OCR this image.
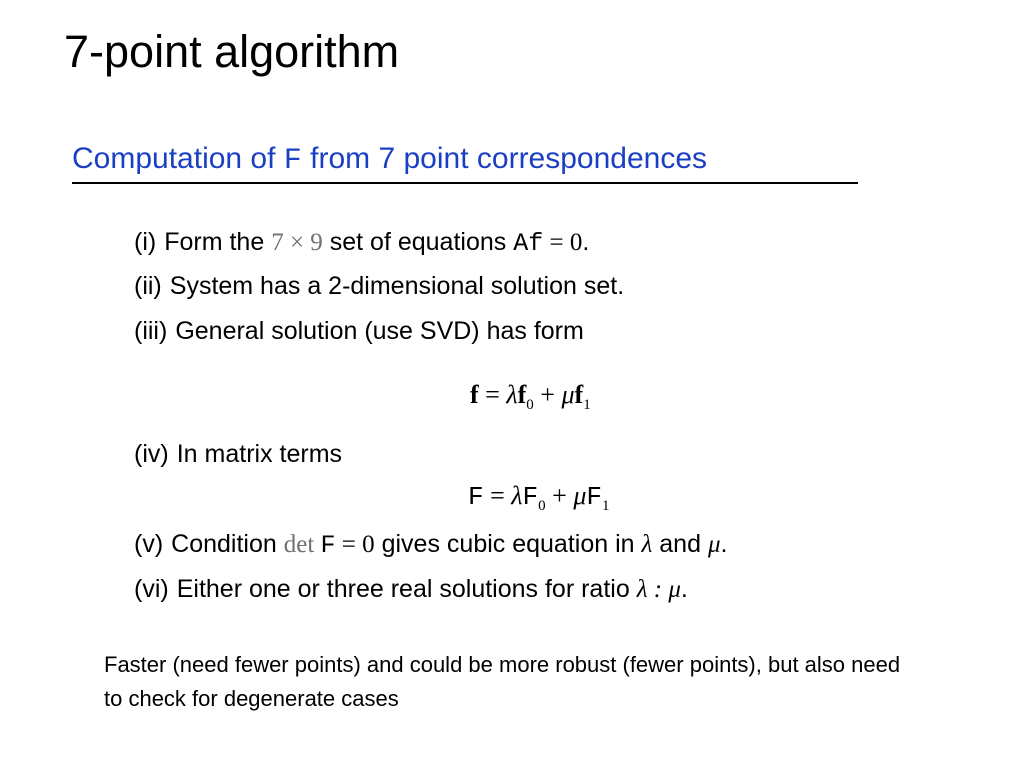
7-point algorithm
Computation of F from 7 point correspondences
(i) Form the 7 × 9 set of equations Af = 0.
(ii) System has a 2-dimensional solution set.
(iii) General solution (use SVD) has form
$f = \lambda f_0 + \mu f_1$
(iv) In matrix terms
$F = \lambda F_0 + \mu F_1$
(v) Condition det F = 0 gives cubic equation in λ and μ.
(vi) Either one or three real solutions for ratio λ : μ.
Faster (need fewer points) and could be more robust (fewer points), but also need to check for degenerate cases
